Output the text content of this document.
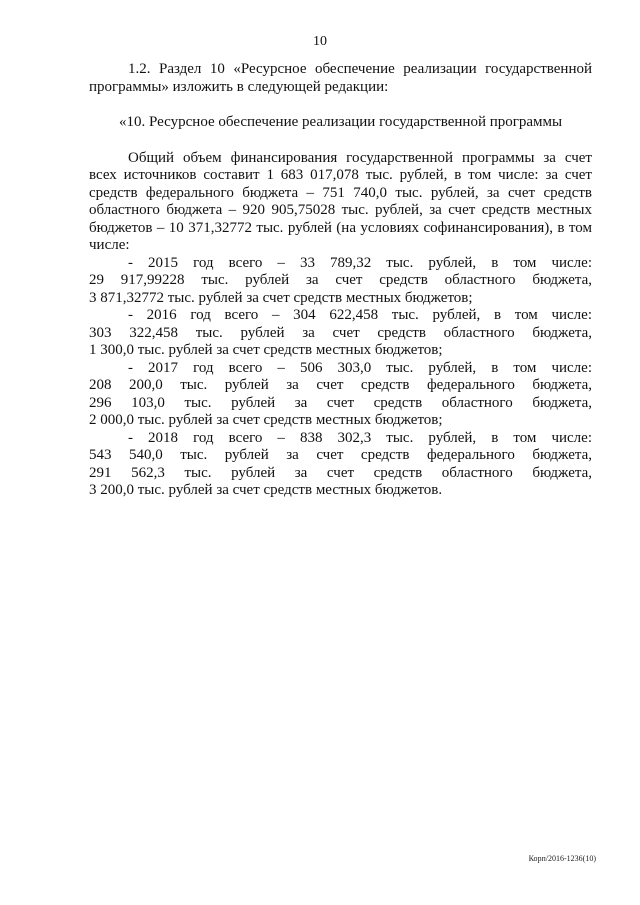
10
1.2. Раздел 10 «Ресурсное обеспечение реализации государственной
программы» изложить в следующей редакции:
«10. Ресурсное обеспечение реализации государственной программы
Общий объем финансирования государственной программы за счет
всех источников составит 1 683 017,078 тыс. рублей, в том числе: за счет
средств федерального бюджета – 751 740,0 тыс. рублей, за счет средств
областного бюджета – 920 905,75028 тыс. рублей, за счет средств местных
бюджетов – 10 371,32772 тыс. рублей (на условиях софинансирования), в том
числе:
- 2015 год всего – 33 789,32 тыс. рублей, в том числе:
29 917,99228 тыс. рублей за счет средств областного бюджета,
3 871,32772 тыс. рублей за счет средств местных бюджетов;
- 2016 год всего – 304 622,458 тыс. рублей, в том числе:
303 322,458 тыс. рублей за счет средств областного бюджета,
1 300,0 тыс. рублей за счет средств местных бюджетов;
- 2017 год всего – 506 303,0 тыс. рублей, в том числе:
208 200,0 тыс. рублей за счет средств федерального бюджета,
296 103,0 тыс. рублей за счет средств областного бюджета,
2 000,0 тыс. рублей за счет средств местных бюджетов;
- 2018 год всего – 838 302,3 тыс. рублей, в том числе:
543 540,0 тыс. рублей за счет средств федерального бюджета,
291 562,3 тыс. рублей за счет средств областного бюджета,
3 200,0 тыс. рублей за счет средств местных бюджетов.
Корп/2016-1236(10)
